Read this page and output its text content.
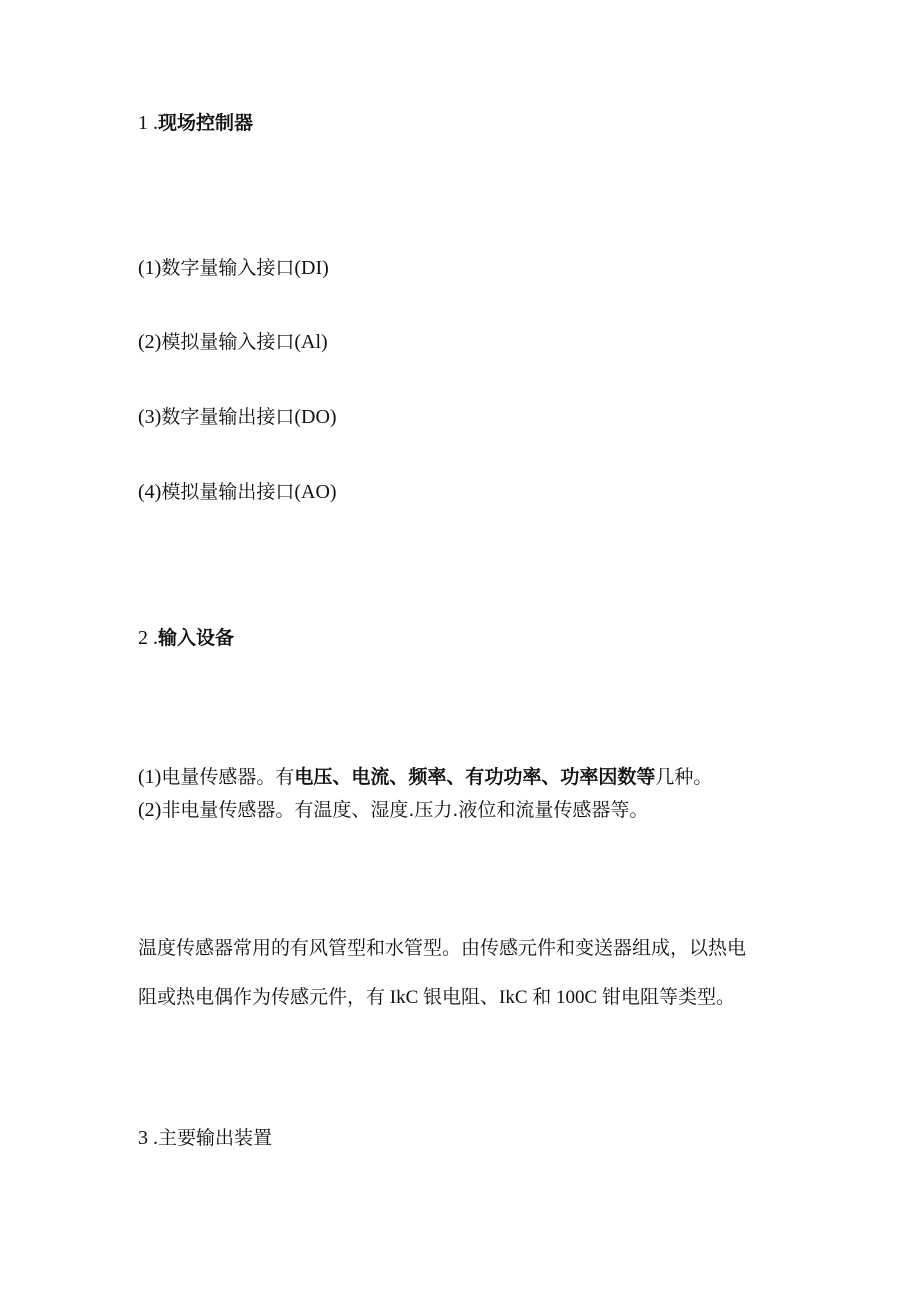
1 .现场控制器
(1)数字量输入接口(DI)
(2)模拟量输入接口(Al)
(3)数字量输出接口(DO)
(4)模拟量输出接口(AO)
2 .输入设备
(1)电量传感器。有电压、电流、频率、有功功率、功率因数等几种。
(2)非电量传感器。有温度、湿度.压力.液位和流量传感器等。
温度传感器常用的有风管型和水管型。由传感元件和变送器组成，以热电
阻或热电偶作为传感元件，有 IkC 银电阻、IkC 和 100C 钳电阻等类型。
3 .主要输出装置
